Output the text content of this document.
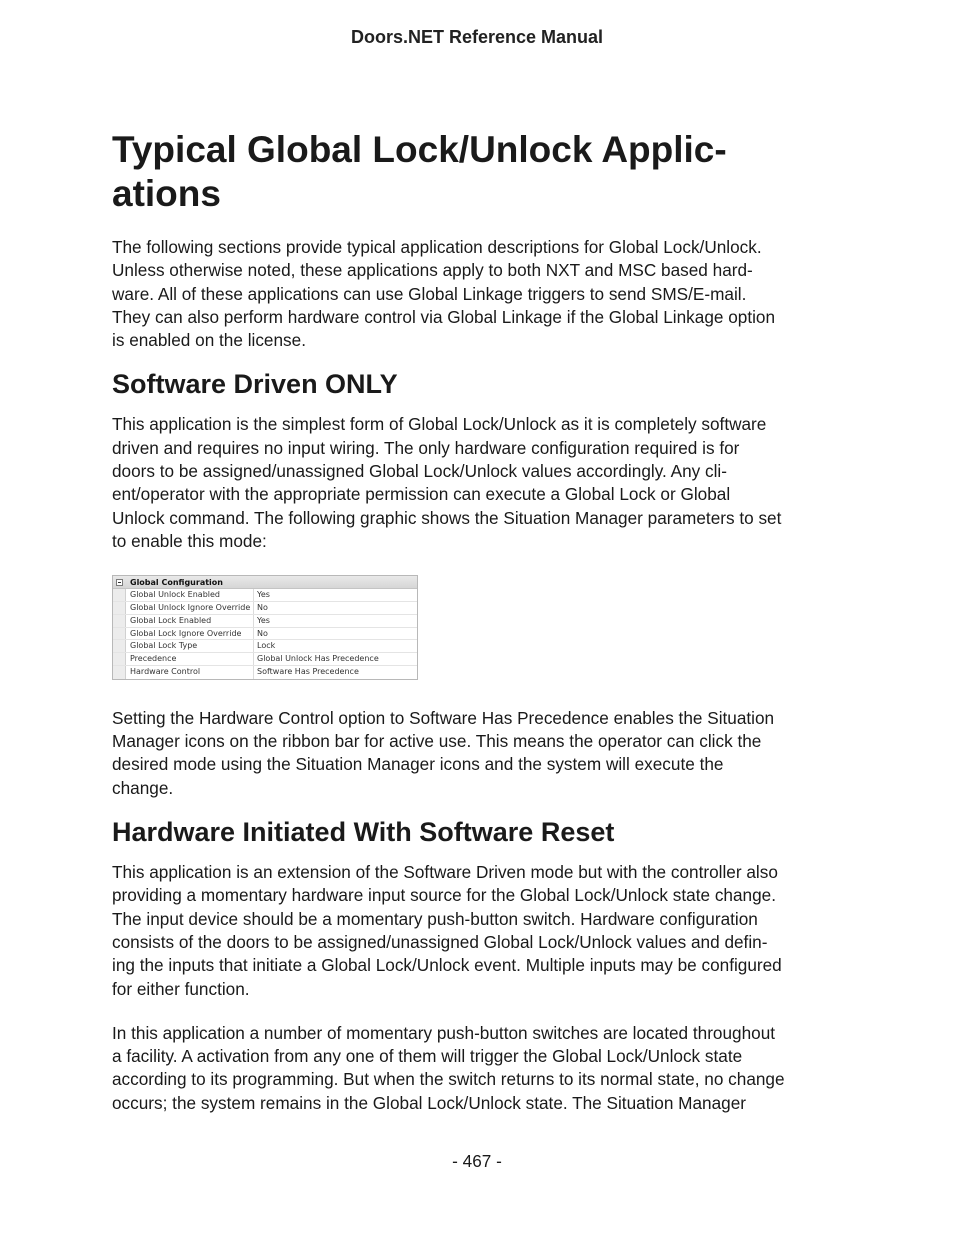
Doors.NET Reference Manual
Typical Global Lock/Unlock Applic-
ations

The following sections provide typical application descriptions for Global Lock/Unlock.
Unless otherwise noted, these applications apply to both NXT and MSC based hard-
ware. All of these applications can use Global Linkage triggers to send SMS/E-mail.
They can also perform hardware control via Global Linkage if the Global Linkage option
is enabled on the license.

Software Driven ONLY

This application is the simplest form of Global Lock/Unlock as it is completely software
driven and requires no input wiring. The only hardware configuration required is for
doors to be assigned/unassigned Global Lock/Unlock values accordingly. Any cli-
ent/operator with the appropriate permission can execute a Global Lock or Global
Unlock command. The following graphic shows the Situation Manager parameters to set
to enable this mode:

Global Configuration
Global Unlock Enabled	Yes
Global Unlock Ignore Override No
Global Lock Enabled	Yes
Global Lock Ignore Override	No
Global Lock Type	Lock
Precedence	Global Unlock Has Precedence
Hardware Control	Software Has Precedence

Setting the Hardware Control option to Software Has Precedence enables the Situation
Manager icons on the ribbon bar for active use. This means the operator can click the
desired mode using the Situation Manager icons and the system will execute the
change.

Hardware Initiated With Software Reset

This application is an extension of the Software Driven mode but with the controller also
providing a momentary hardware input source for the Global Lock/Unlock state change.
The input device should be a momentary push-button switch. Hardware configuration
consists of the doors to be assigned/unassigned Global Lock/Unlock values and defin-
ing the inputs that initiate a Global Lock/Unlock event. Multiple inputs may be configured
for either function.

In this application a number of momentary push-button switches are located throughout
a facility. A activation from any one of them will trigger the Global Lock/Unlock state
according to its programming. But when the switch returns to its normal state, no change
occurs; the system remains in the Global Lock/Unlock state. The Situation Manager

- 467 -
